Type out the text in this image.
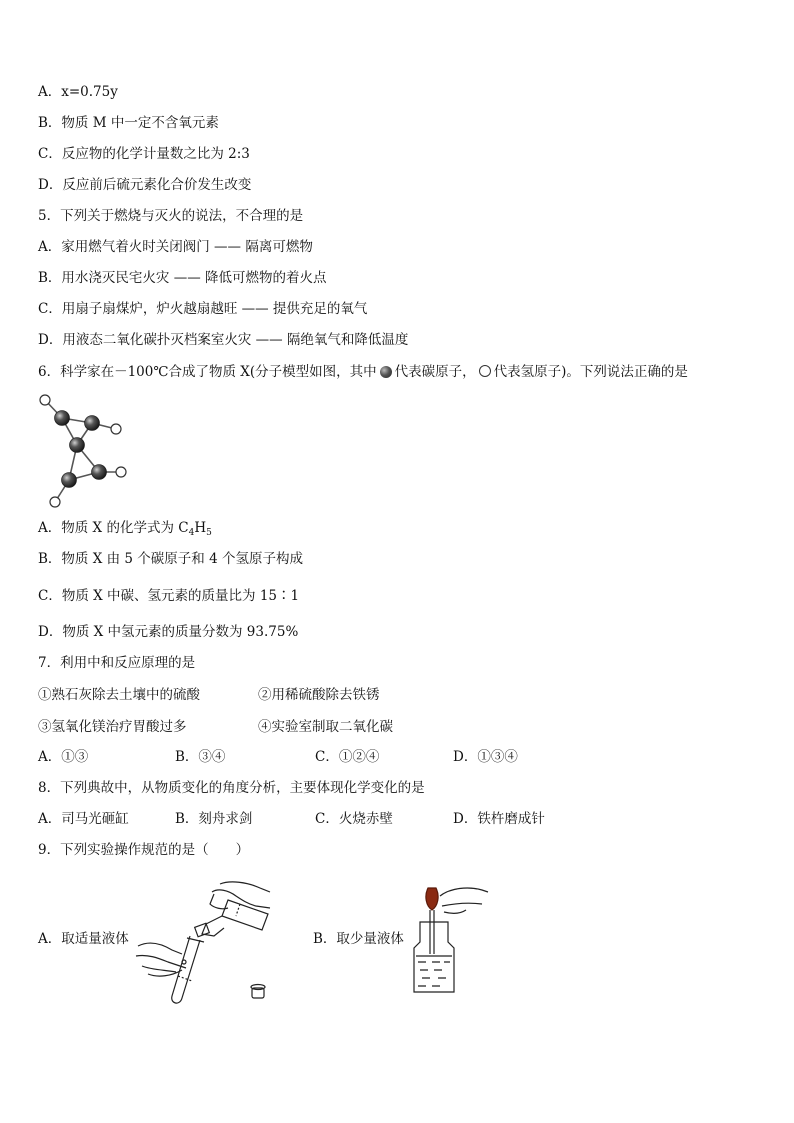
A．x=0.75y
B．物质 M 中一定不含氧元素
C．反应物的化学计量数之比为 2:3
D．反应前后硫元素化合价发生改变
5．下列关于燃烧与灭火的说法，不合理的是
A．家用燃气着火时关闭阀门 —— 隔离可燃物
B．用水浇灭民宅火灾 —— 降低可燃物的着火点
C．用扇子扇煤炉，炉火越扇越旺 —— 提供充足的氧气
D．用液态二氧化碳扑灭档案室火灾 —— 隔绝氧气和降低温度
6．科学家在－100℃合成了物质 X(分子模型如图，其中 代表碳原子， 代表氢原子)。下列说法正确的是
A．物质 X 的化学式为 $C_4H_5$
B．物质 X 由 5 个碳原子和 4 个氢原子构成
C．物质 X 中碳、氢元素的质量比为 15∶1
D．物质 X 中氢元素的质量分数为 93.75%
7．利用中和反应原理的是
①熟石灰除去土壤中的硫酸	②用稀硫酸除去铁锈
③氢氧化镁治疗胃酸过多	④实验室制取二氧化碳
A．①③	B．③④	C．①②④	D．①③④
8．下列典故中，从物质变化的角度分析，主要体现化学变化的是
A．司马光砸缸	B．刻舟求剑	C．火烧赤壁	D．铁杵磨成针
9．下列实验操作规范的是（　　）
A．取适量液体	B．取少量液体
